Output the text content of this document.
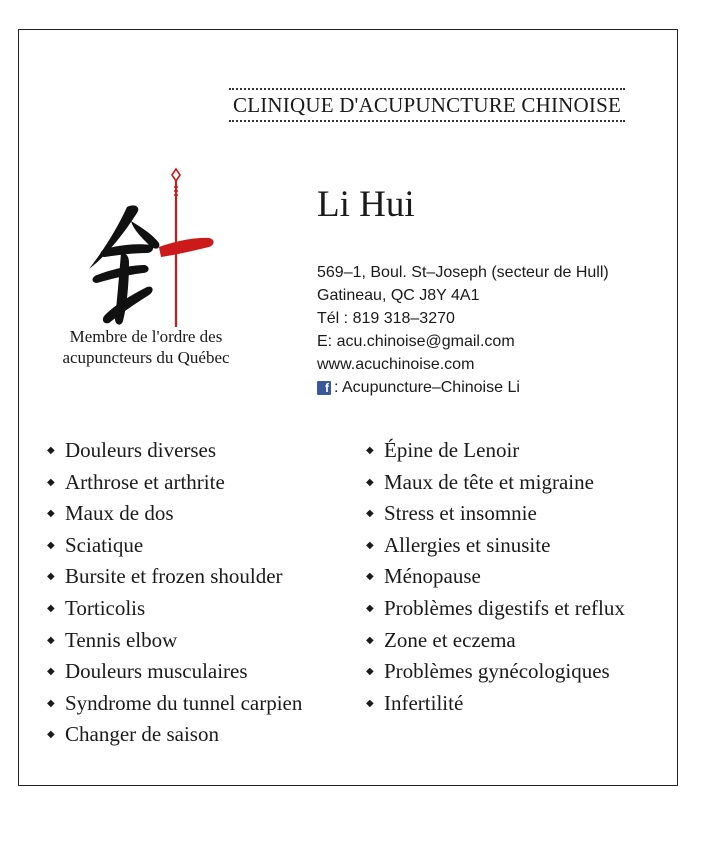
CLINIQUE D'ACUPUNCTURE CHINOISE
Membre de l'ordre des
acupuncteurs du Québec
Li Hui
569–1, Boul. St–Joseph (secteur de Hull)
Gatineau, QC J8Y 4A1
Tél : 819 318–3270
E: acu.chinoise@gmail.com
www.acuchinoise.com
f : Acupuncture–Chinoise Li
◆ Douleurs diverses
◆ Arthrose et arthrite
◆ Maux de dos
◆ Sciatique
◆ Bursite et frozen shoulder
◆ Torticolis
◆ Tennis elbow
◆ Douleurs musculaires
◆ Syndrome du tunnel carpien
◆ Changer de saison
◆ Épine de Lenoir
◆ Maux de tête et migraine
◆ Stress et insomnie
◆ Allergies et sinusite
◆ Ménopause
◆ Problèmes digestifs et reflux
◆ Zone et eczema
◆ Problèmes gynécologiques
◆ Infertilité
